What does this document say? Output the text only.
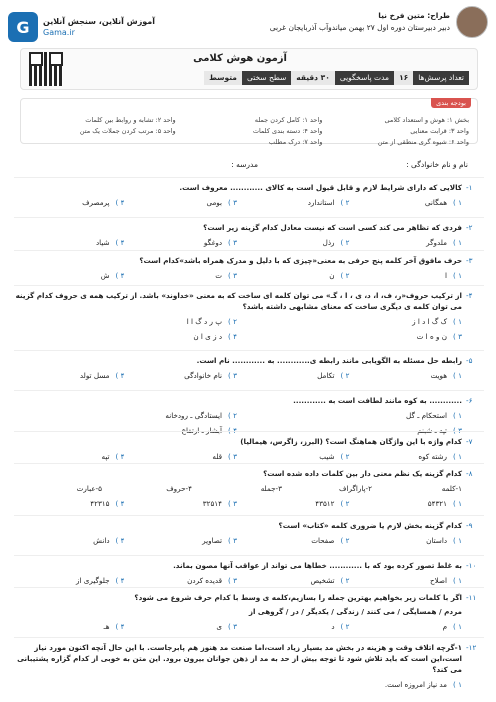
G	آموزش آنلاین، سنجش آنلاین
Gama.ir
طراح: متین فرخ نیا
دبیر دبیرستان دوره اول ۲۷ بهمن میاندوآب آذربایجان غربی
آزمون هوش کلامی
تعداد پرسش‌ها
۱۶
مدت پاسخگویی
۳۰ دقیقه
سطح سختی
متوسط
بودجه بندی
بخش ۱: هوش و استعداد کلامی
واحد ۱: کامل کردن جمله
واحد ۲: تشابه و روابط بین کلمات
واحد ۳: قرابت معنایی
واحد ۴: دسته بندی کلمات
واحد ۵: مرتب کردن جملات یک متن
واحد ۶: شیوه گری منطقی از متن
واحد ۷: درک مطلب
نام و نام خانوادگی :
مدرسه :
۱-
کالایی که دارای شرایط لازم و قابل قبول است به کالای ............ معروف است.
۱ )
همگانی
۲ )
استاندارد
۳ )
بومی
۴ )
پرمصرف
۲-
فردی که تظاهر می کند کسی است که نیست معادل کدام گزینه زیر است؟
۱ )
ملدوگر
۲ )
رذل
۳ )
دوغگو
۴ )
شیاد
۳-
حرف مافوق آخر کلمه پنج حرفی به معنی«چیزی که با دلیل و مدرک همراه باشد»کدام است؟
۱ )
ا
۲ )
ن
۳ )
ت
۴ )
ش
۴-
از ترکیب حروف«ر، ف، ا، د، ی ، ا ، گـ» می توان کلمه ای ساخت که به معنی «خداوند» باشد. از ترکیب همه ی حروف کدام گزینه می توان کلمه ی دیگری ساخت که معنای مشابهی داشته باشد؟
۱ )
ک گ ا د ا ز
۲ )
پ ر د گ ا ا
۳ )
ن و ه ا ت
۴ )
د ز ی ا ن
۵-
رابطه حل مسئله به الگویابی مانند رابطه ی............ به ............ نام است.
۱ )
هویت
۲ )
تکامل
۳ )
نام خانوادگی
۴ )
مسل تولد
۶-
............ به کوه مانند لطافت است به ............
۱ )
استحکام ـ گل
۲ )
ایستادگی ـ رودخانه
۳ )
تپه ـ شبنم
۴ )
آبشار ـ ارتفاع
۷-
کدام واژه با این واژگان هماهنگ است؟ (البرز، زاگرس، هیمالیا)
۱ )
رشته کوه
۲ )
شیب
۳ )
قله
۴ )
تپه
۸-
کدام گزینه یک نظم معنی دار بین کلمات داده شده است؟
۱-کلمه
۲-پاراگراف
۳-جمله
۴-حروف
۵-عبارت
۱ )
۵۴۳۲۱
۲ )
۴۳۵۱۲
۳ )
۳۲۵۱۴
۴ )
۴۲۳۱۵
۹-
کدام گزینه بخش لازم یا ضروری کلمه «کتاب» است؟
۱ )
داستان
۲ )
صفحات
۳ )
تصاویر
۴ )
دانش
۱۰-
به غلط تصور کرده بود که با ............ خطاها می تواند از عواقب آنها مصون بماند.
۱ )
اصلاح
۲ )
تشخیص
۳ )
قدیده کردن
۴ )
جلوگیری از
۱۱-
اگر با کلمات زیر بخواهیم بهترین جمله را بسازیم،کلمه ی وسط با کدام حرف شروع می شود؟
مردم / همسایگی / می کنند / زندگی / یکدیگر / در / گروهی از
۱ )
م
۲ )
د
۳ )
ی
۴ )
هـ
۱۲-
۱-گرچه اتلاف وقت و هزینه در بخش مد بسیار زیاد است،اما صنعت مد هنوز هم پابرجاست. با این حال آنچه اکنون مورد نیاز است،این است که باید تلاش شود تا توجه بیش از حد به مد از ذهن جوانان بیرون برود. این متن به خوبی از کدام گزاره پشتیبانی می کند؟
۱ )
مد نیاز امروزه است.
